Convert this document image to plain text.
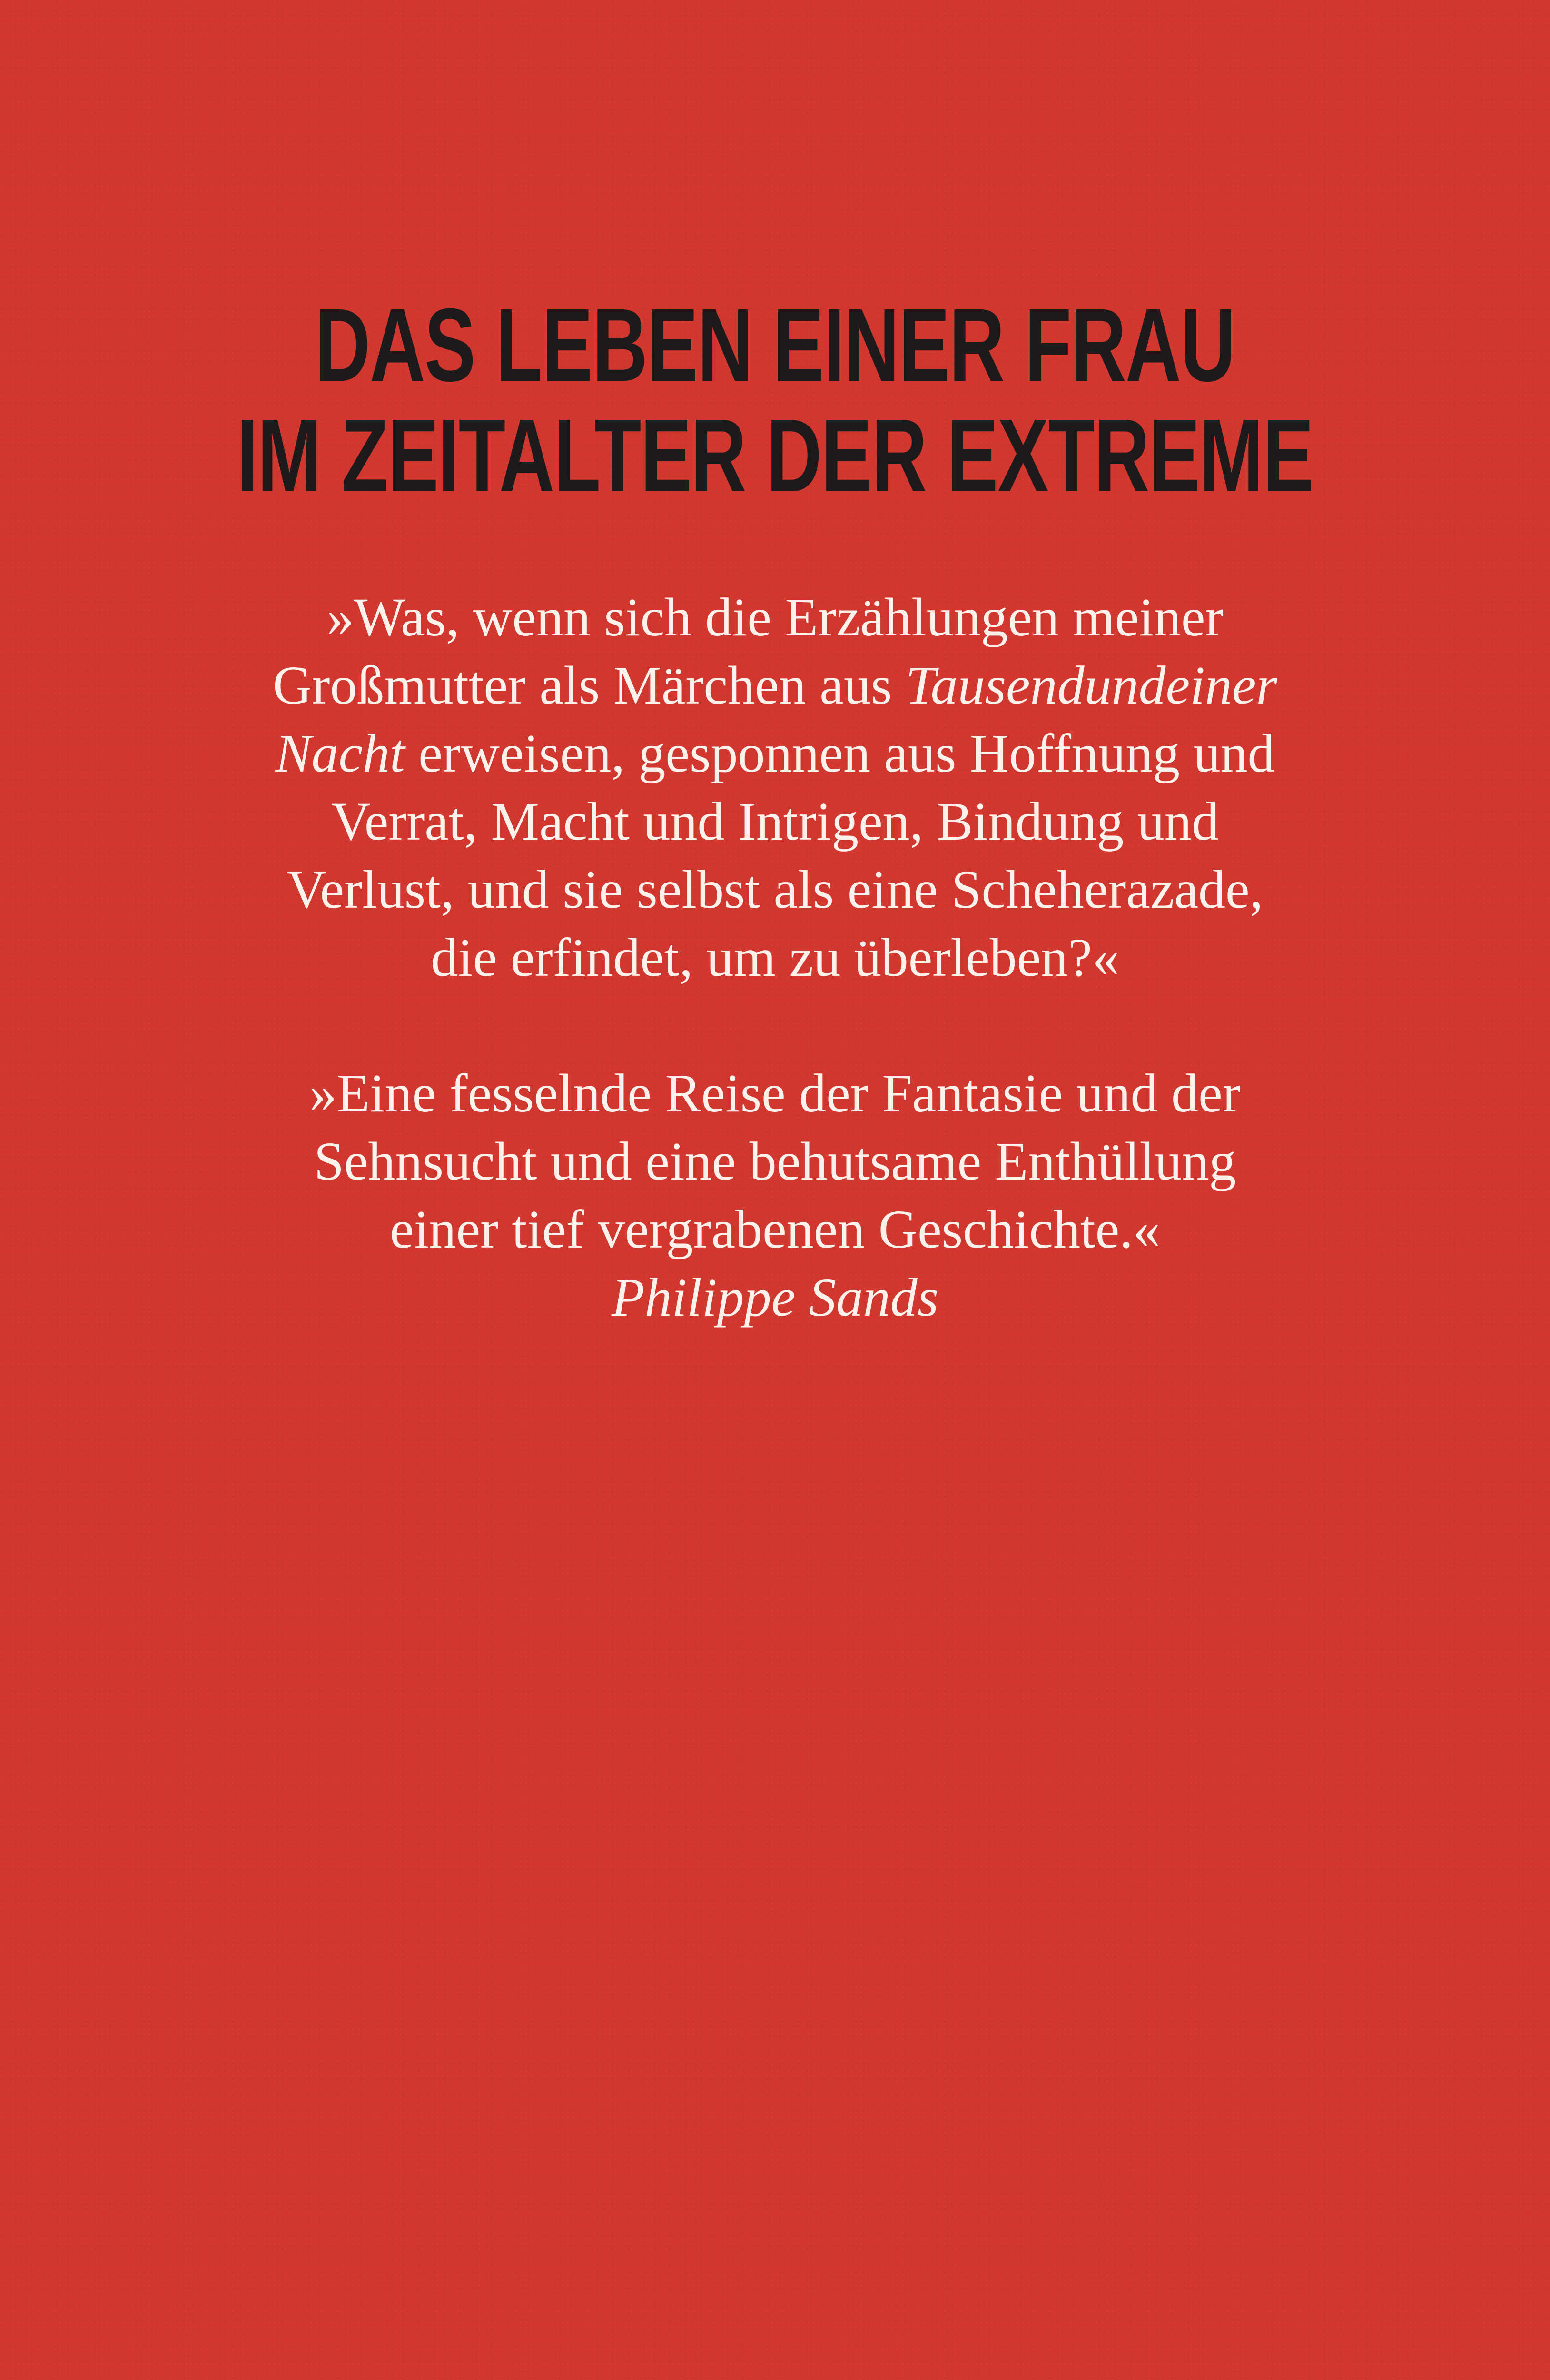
DAS LEBEN EINER FRAU
IM ZEITALTER DER EXTREME
»Was, wenn sich die Erzählungen meiner
Großmutter als Märchen aus Tausendundeiner
Nacht erweisen, gesponnen aus Hoffnung und
Verrat, Macht und Intrigen, Bindung und
Verlust, und sie selbst als eine Scheherazade,
die erfindet, um zu überleben?«
»Eine fesselnde Reise der Fantasie und der
Sehnsucht und eine behutsame Enthüllung
einer tief vergrabenen Geschichte.«
Philippe Sands
